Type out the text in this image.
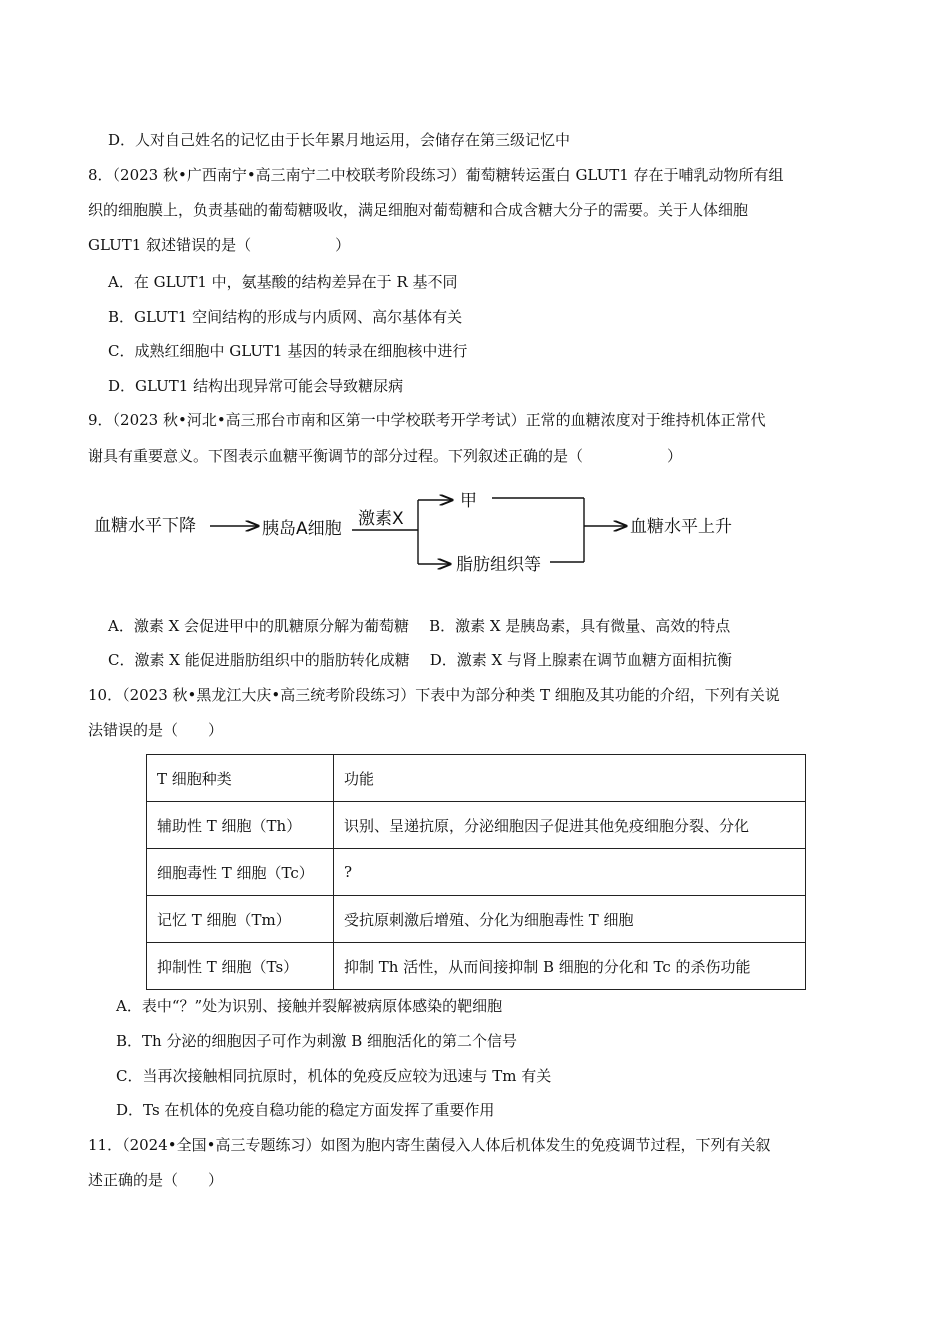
D．人对自己姓名的记忆由于长年累月地运用，会储存在第三级记忆中
8．（2023 秋•广西南宁•高三南宁二中校联考阶段练习）葡萄糖转运蛋白 GLUT1 存在于哺乳动物所有组
织的细胞膜上，负责基础的葡萄糖吸收，满足细胞对葡萄糖和合成含糖大分子的需要。关于人体细胞
GLUT1 叙述错误的是（	）
A．在 GLUT1 中，氨基酸的结构差异在于 R 基不同
B．GLUT1 空间结构的形成与内质网、高尔基体有关
C．成熟红细胞中 GLUT1 基因的转录在细胞核中进行
D．GLUT1 结构出现异常可能会导致糖尿病
9．（2023 秋•河北•高三邢台市南和区第一中学校联考开学考试）正常的血糖浓度对于维持机体正常代
谢具有重要意义。下图表示血糖平衡调节的部分过程。下列叙述正确的是（	）
血糖水平下降	胰岛A细胞 激素X
甲
脂肪组织等
血糖水平上升
A．激素 X 会促进甲中的肌糖原分解为葡萄糖 B．激素 X 是胰岛素，具有微量、高效的特点
C．激素 X 能促进脂肪组织中的脂肪转化成糖 D．激素 X 与肾上腺素在调节血糖方面相抗衡
10．（2023 秋•黑龙江大庆•高三统考阶段练习）下表中为部分种类 T 细胞及其功能的介绍，下列有关说
法错误的是（　　）
T 细胞种类	功能
辅助性 T 细胞（Th）	识别、呈递抗原，分泌细胞因子促进其他免疫细胞分裂、分化
细胞毒性 T 细胞（Tc）	?
记忆 T 细胞（Tm）	受抗原刺激后增殖、分化为细胞毒性 T 细胞
抑制性 T 细胞（Ts）	抑制 Th 活性，从而间接抑制 B 细胞的分化和 Tc 的杀伤功能
A．表中“？”处为识别、接触并裂解被病原体感染的靶细胞
B．Th 分泌的细胞因子可作为刺激 B 细胞活化的第二个信号
C．当再次接触相同抗原时，机体的免疫反应较为迅速与 Tm 有关
D．Ts 在机体的免疫自稳功能的稳定方面发挥了重要作用
11．（2024•全国•高三专题练习）如图为胞内寄生菌侵入人体后机体发生的免疫调节过程，下列有关叙
述正确的是（　　）
